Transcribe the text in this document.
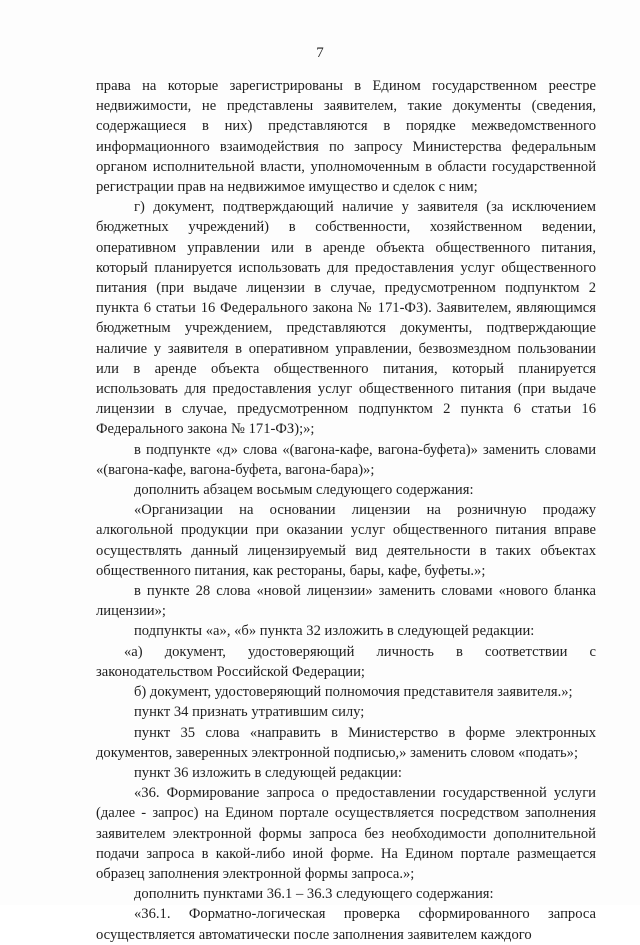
7

права на которые зарегистрированы в Едином государственном реестре недвижимости, не представлены заявителем, такие документы (сведения, содержащиеся в них) представляются в порядке межведомственного информационного взаимодействия по запросу Министерства федеральным органом исполнительной власти, уполномоченным в области государственной регистрации прав на недвижимое имущество и сделок с ним;

г) документ, подтверждающий наличие у заявителя (за исключением бюджетных учреждений) в собственности, хозяйственном ведении, оперативном управлении или в аренде объекта общественного питания, который планируется использовать для предоставления услуг общественного питания (при выдаче лицензии в случае, предусмотренном подпунктом 2 пункта 6 статьи 16 Федерального закона № 171-ФЗ). Заявителем, являющимся бюджетным учреждением, представляются документы, подтверждающие наличие у заявителя в оперативном управлении, безвозмездном пользовании или в аренде объекта общественного питания, который планируется использовать для предоставления услуг общественного питания (при выдаче лицензии в случае, предусмотренном подпунктом 2 пункта 6 статьи 16 Федерального закона № 171-ФЗ);»;

в подпункте «д» слова «(вагона-кафе, вагона-буфета)» заменить словами «(вагона-кафе, вагона-буфета, вагона-бара)»;

дополнить абзацем восьмым следующего содержания:

«Организации на основании лицензии на розничную продажу алкогольной продукции при оказании услуг общественного питания вправе осуществлять данный лицензируемый вид деятельности в таких объектах общественного питания, как рестораны, бары, кафе, буфеты.»;

в пункте 28 слова «новой лицензии» заменить словами «нового бланка лицензии»;

подпункты «а», «б» пункта 32 изложить в следующей редакции:

«а) документ, удостоверяющий личность в соответствии с законодательством Российской Федерации;

б) документ, удостоверяющий полномочия представителя заявителя.»;

пункт 34 признать утратившим силу;

пункт 35 слова «направить в Министерство в форме электронных документов, заверенных электронной подписью,» заменить словом «подать»;

пункт 36 изложить в следующей редакции:

«36. Формирование запроса о предоставлении государственной услуги (далее - запрос) на Едином портале осуществляется посредством заполнения заявителем электронной формы запроса без необходимости дополнительной подачи запроса в какой-либо иной форме. На Едином портале размещается образец заполнения электронной формы запроса.»;

дополнить пунктами 36.1 – 36.3 следующего содержания:

«36.1. Форматно-логическая проверка сформированного запроса осуществляется автоматически после заполнения заявителем каждого
